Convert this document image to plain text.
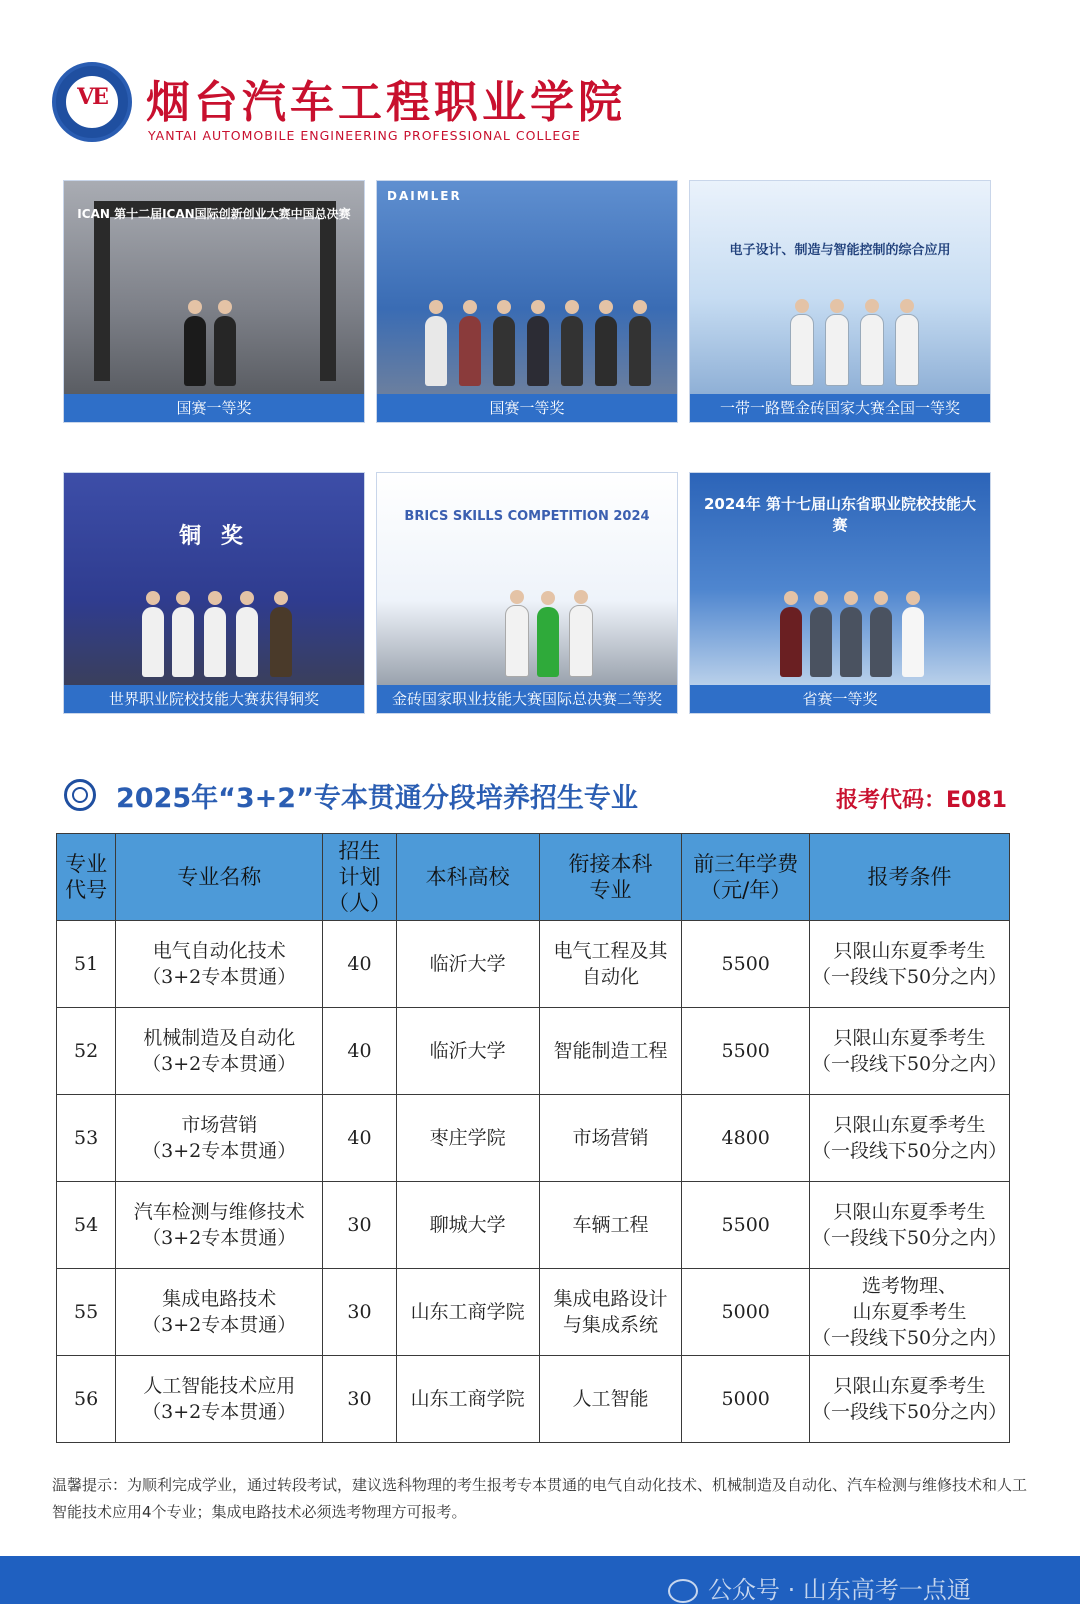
VE 烟台汽车工程职业学院
YANTAI AUTOMOBILE ENGINEERING PROFESSIONAL COLLEGE
ICAN 第十二届ICAN国际创新创业大赛中国总决赛
国赛一等奖
DAIMLER
国赛一等奖
电子设计、制造与智能控制的综合应用
一带一路暨金砖国家大赛全国一等奖
铜 奖
世界职业院校技能大赛获得铜奖
BRICS SKILLS COMPETITION 2024
金砖国家职业技能大赛国际总决赛二等奖
2024年 第十七届山东省职业院校技能大赛
省赛一等奖
2025年“3+2”专本贯通分段培养招生专业	报考代码：E081
专业
代号	专业名称	招生
计划
（人）	本科高校	衔接本科
专业	前三年学费
（元/年）	报考条件
51	电气自动化技术
（3+2专本贯通）	40	临沂大学	电气工程及其
自动化	5500	只限山东夏季考生
（一段线下50分之内）

52	机械制造及自动化
（3+2专本贯通）	40	临沂大学	智能制造工程	5500	只限山东夏季考生
（一段线下50分之内）

53	市场营销
（3+2专本贯通）	40	枣庄学院	市场营销	4800	只限山东夏季考生
（一段线下50分之内）

54	汽车检测与维修技术
（3+2专本贯通）	30	聊城大学	车辆工程	5500	只限山东夏季考生
（一段线下50分之内）

55	集成电路技术
（3+2专本贯通）	30	山东工商学院	集成电路设计
与集成系统	5000	选考物理、
山东夏季考生
（一段线下50分之内）

56	人工智能技术应用
（3+2专本贯通）	30	山东工商学院	人工智能	5000	只限山东夏季考生
（一段线下50分之内）
温馨提示：为顺利完成学业，通过转段考试，建议选科物理的考生报考专本贯通的电气自动化技术、机械制造及自动化、汽车检测与维修技术和人工智能技术应用4个专业；集成电路技术必须选考物理方可报考。
公众号 · 山东高考一点通
